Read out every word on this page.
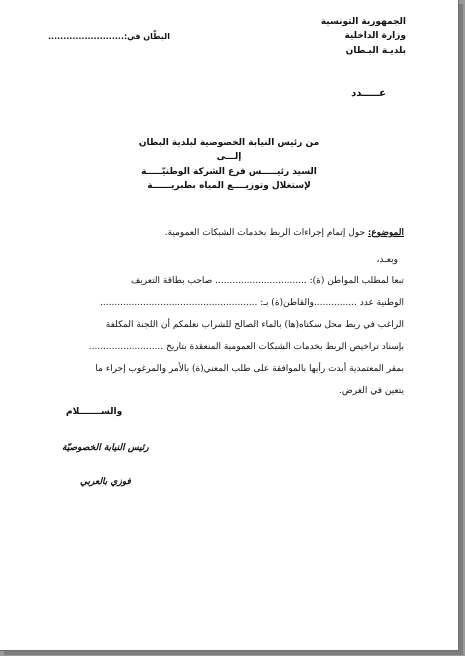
الجمهورية التونسية
وزارة الداخلية
بلديـة البـطان
البطّان في:.........................
عـــــدد
من رئيس النيابة الخصوصية لبلدية البطان
إلـــى
السيد رئيـــــس فرع الشركة الوطنيّـــــة
لإستغلال وتوزيــــع المياه بطبريــــــة
الموضوع: حول إتمام إجراءات الربط بخدمات الشبكات العمومية.
وبعـد،
تبعا لمطلب المواطن (ة): ................................ صاحب بطاقة التعريف
الوطنية عدد ...............والقاطن(ة) بـ: .......................................................
الراغب في ربط محل سكناه(ها) بالماء الصالح للشراب نعلمكم أن اللجنة المكلفة
بإسناد تراخيص الربط بخدمات الشبكات العمومية المنعقدة بتاريخ ..........................
بمقر المعتمدية أبدت رأيها بالموافقة على طلب المعني(ة) بالأمر والمرغوب إجراء ما
يتعين في الغرض.
والســـــــلام
رئيس النيابة الخصوصيّة
فوزي بالعربي
